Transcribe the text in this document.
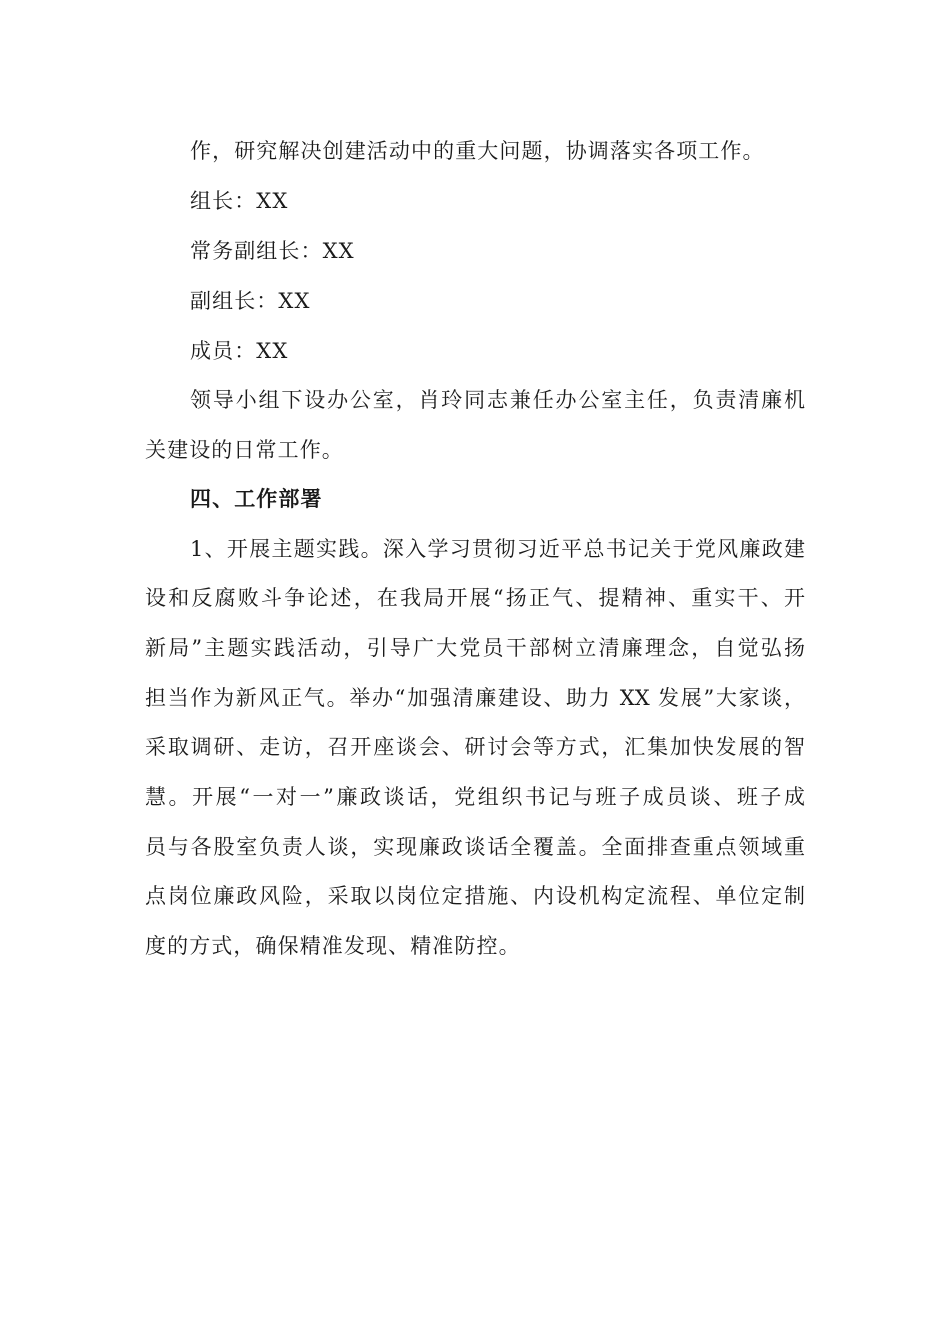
作，研究解决创建活动中的重大问题，协调落实各项工作。
组长：XX
常务副组长：XX
副组长：XX
成员：XX
领导小组下设办公室，肖玲同志兼任办公室主任，负责清廉机
关建设的日常工作。
四、工作部署
1、开展主题实践。深入学习贯彻习近平总书记关于党风廉政建
设和反腐败斗争论述，在我局开展“扬正气、提精神、重实干、开
新局”主题实践活动，引导广大党员干部树立清廉理念，自觉弘扬
担当作为新风正气。举办“加强清廉建设、助力 XX 发展”大家谈，
采取调研、走访，召开座谈会、研讨会等方式，汇集加快发展的智
慧。开展“一对一”廉政谈话，党组织书记与班子成员谈、班子成
员与各股室负责人谈，实现廉政谈话全覆盖。全面排查重点领域重
点岗位廉政风险，采取以岗位定措施、内设机构定流程、单位定制
度的方式，确保精准发现、精准防控。
